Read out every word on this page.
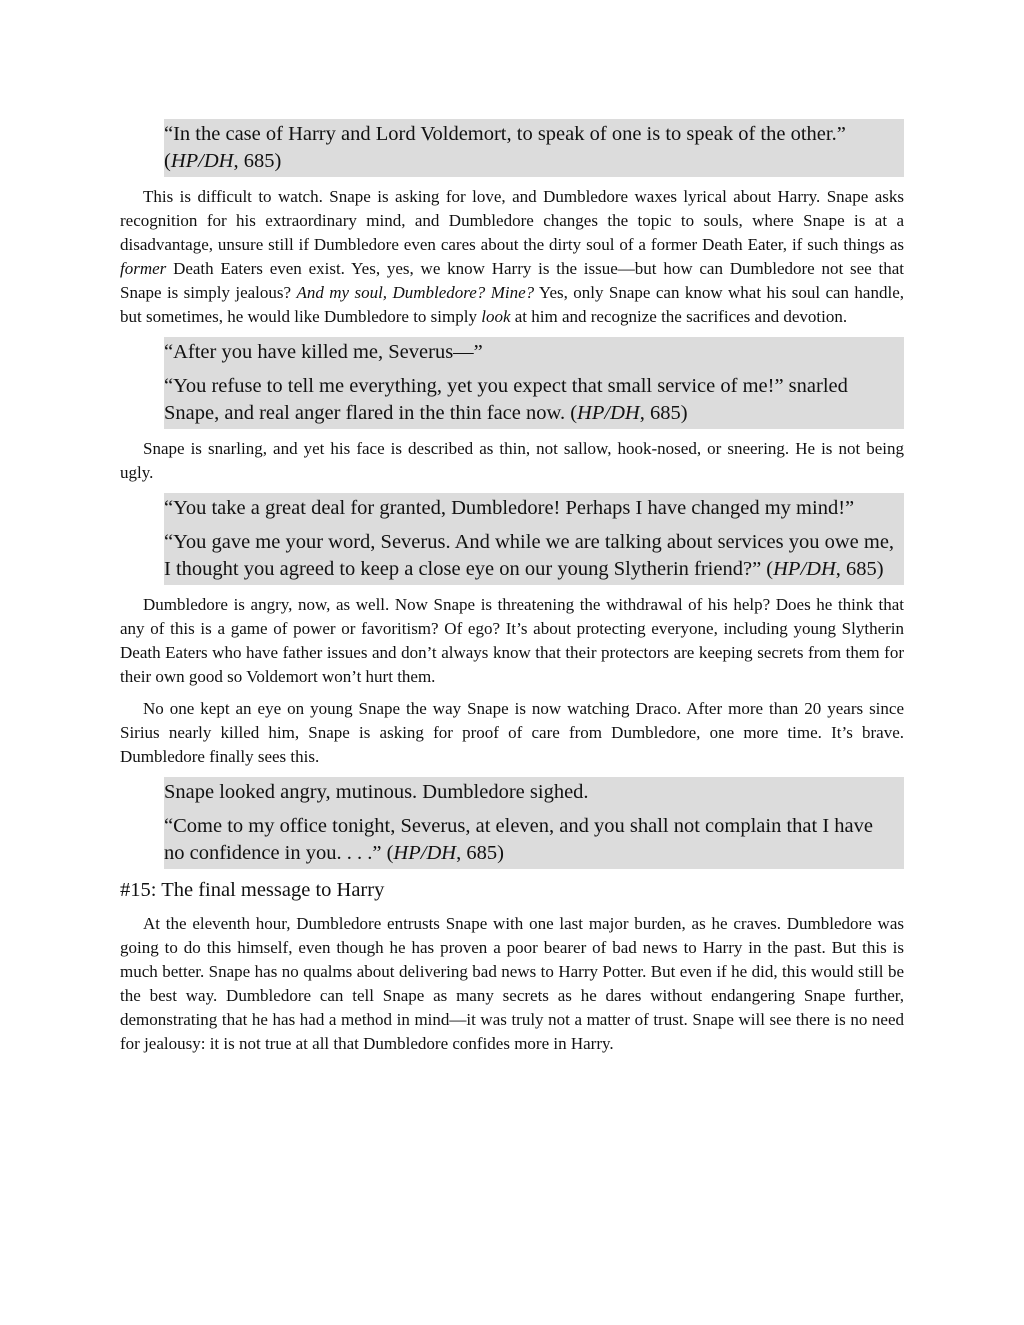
“In the case of Harry and Lord Voldemort, to speak of one is to speak of the other.” (HP/DH, 685)

This is difficult to watch. Snape is asking for love, and Dumbledore waxes lyrical about Harry. Snape asks recognition for his extraordinary mind, and Dumbledore changes the topic to souls, where Snape is at a disadvantage, unsure still if Dumbledore even cares about the dirty soul of a former Death Eater, if such things as former Death Eaters even exist. Yes, yes, we know Harry is the issue—but how can Dumbledore not see that Snape is simply jealous? And my soul, Dumbledore? Mine? Yes, only Snape can know what his soul can handle, but sometimes, he would like Dumbledore to simply look at him and recognize the sacrifices and devotion.

“After you have killed me, Severus—”

“You refuse to tell me everything, yet you expect that small service of me!” snarled Snape, and real anger flared in the thin face now. (HP/DH, 685)

Snape is snarling, and yet his face is described as thin, not sallow, hook-nosed, or sneering. He is not being ugly.

“You take a great deal for granted, Dumbledore! Perhaps I have changed my mind!”

“You gave me your word, Severus. And while we are talking about services you owe me, I thought you agreed to keep a close eye on our young Slytherin friend?” (HP/DH, 685)

Dumbledore is angry, now, as well. Now Snape is threatening the withdrawal of his help? Does he think that any of this is a game of power or favoritism? Of ego? It’s about protecting everyone, including young Slytherin Death Eaters who have father issues and don’t always know that their protectors are keeping secrets from them for their own good so Voldemort won’t hurt them.

No one kept an eye on young Snape the way Snape is now watching Draco. After more than 20 years since Sirius nearly killed him, Snape is asking for proof of care from Dumbledore, one more time. It’s brave. Dumbledore finally sees this.

Snape looked angry, mutinous. Dumbledore sighed.

“Come to my office tonight, Severus, at eleven, and you shall not complain that I have no confidence in you. . . .” (HP/DH, 685)

#15: The final message to Harry

At the eleventh hour, Dumbledore entrusts Snape with one last major burden, as he craves. Dumbledore was going to do this himself, even though he has proven a poor bearer of bad news to Harry in the past. But this is much better. Snape has no qualms about delivering bad news to Harry Potter. But even if he did, this would still be the best way. Dumbledore can tell Snape as many secrets as he dares without endangering Snape further, demonstrating that he has had a method in mind—it was truly not a matter of trust. Snape will see there is no need for jealousy: it is not true at all that Dumbledore confides more in Harry.
